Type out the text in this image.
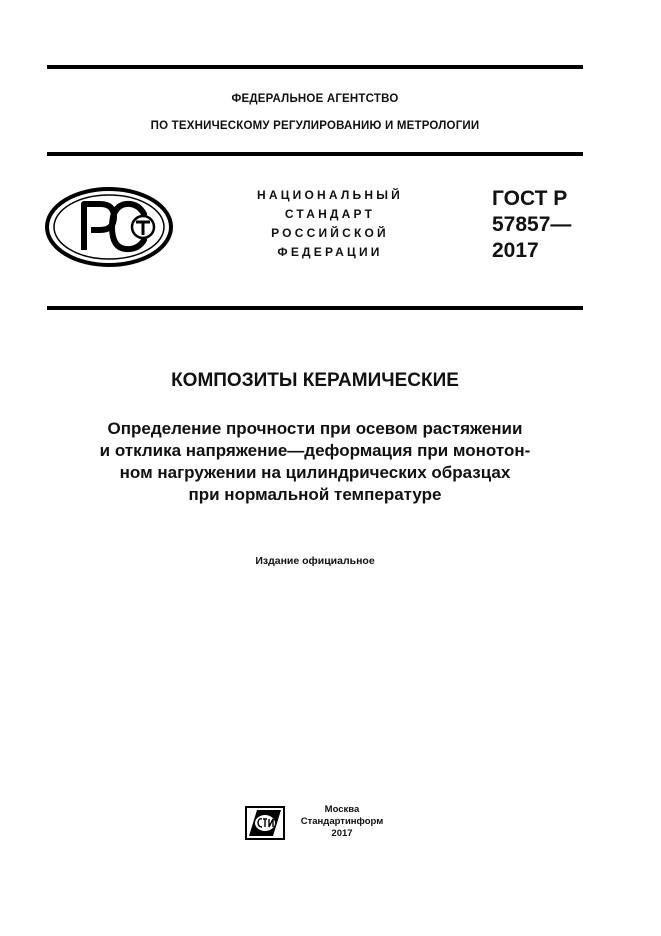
ФЕДЕРАЛЬНОЕ АГЕНТСТВО
ПО ТЕХНИЧЕСКОМУ РЕГУЛИРОВАНИЮ И МЕТРОЛОГИИ
НАЦИОНАЛЬНЫЙ
СТАНДАРТ
РОССИЙСКОЙ
ФЕДЕРАЦИИ
ГОСТ Р
57857—
2017
КОМПОЗИТЫ КЕРАМИЧЕСКИЕ
Определение прочности при осевом растяжении
и отклика напряжение—деформация при монотон-
ном нагружении на цилиндрических образцах
при нормальной температуре
Издание официальное
Москва
Стандартинформ
2017
